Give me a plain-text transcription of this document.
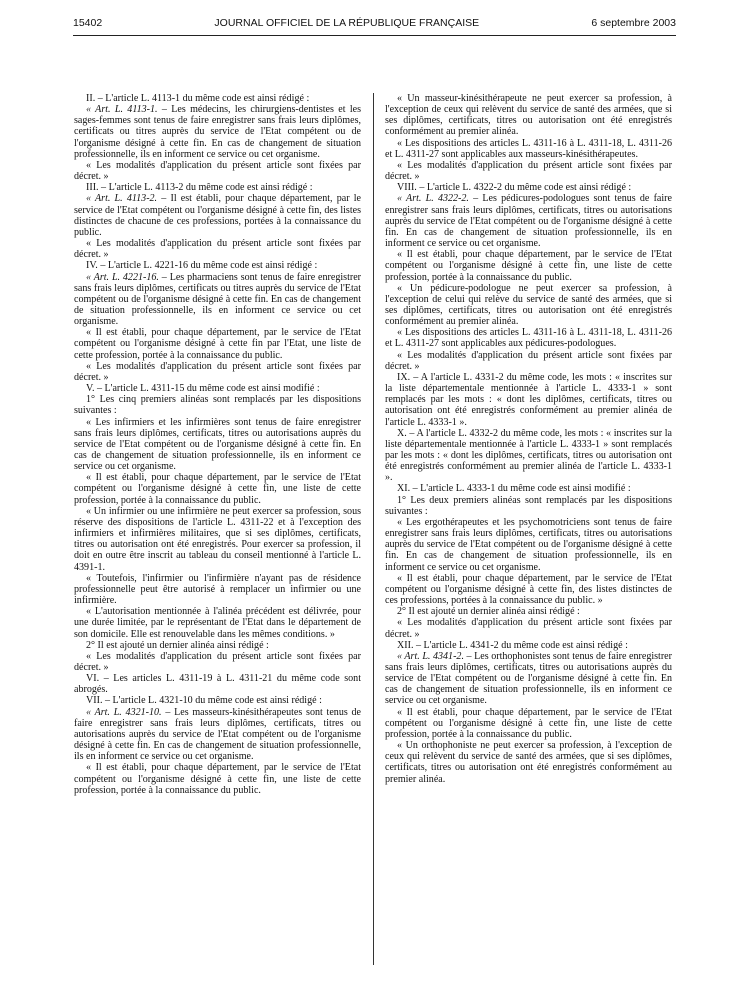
15402	JOURNAL OFFICIEL DE LA RÉPUBLIQUE FRANÇAISE	6 septembre 2003

II. – L'article L. 4113-1 du même code est ainsi rédigé :

« Art. L. 4113-1. – Les médecins, les chirurgiens-dentistes et les sages-femmes sont tenus de faire enregistrer sans frais leurs diplômes, certificats ou titres auprès du service de l'Etat compétent ou de l'organisme désigné à cette fin. En cas de changement de situation professionnelle, ils en informent ce service ou cet organisme.

« Les modalités d'application du présent article sont fixées par décret. »

III. – L'article L. 4113-2 du même code est ainsi rédigé :

« Art. L. 4113-2. – Il est établi, pour chaque département, par le service de l'Etat compétent ou l'organisme désigné à cette fin, des listes distinctes de chacune de ces professions, portées à la connaissance du public.

« Les modalités d'application du présent article sont fixées par décret. »

IV. – L'article L. 4221-16 du même code est ainsi rédigé :

« Art. L. 4221-16. – Les pharmaciens sont tenus de faire enregistrer sans frais leurs diplômes, certificats ou titres auprès du service de l'Etat compétent ou de l'organisme désigné à cette fin. En cas de changement de situation professionnelle, ils en informent ce service ou cet organisme.

« Il est établi, pour chaque département, par le service de l'Etat compétent ou l'organisme désigné à cette fin par l'Etat, une liste de cette profession, portée à la connaissance du public.

« Les modalités d'application du présent article sont fixées par décret. »

V. – L'article L. 4311-15 du même code est ainsi modifié :

1° Les cinq premiers alinéas sont remplacés par les dispositions suivantes :

« Les infirmiers et les infirmières sont tenus de faire enregistrer sans frais leurs diplômes, certificats, titres ou autorisations auprès du service de l'Etat compétent ou de l'organisme désigné à cette fin. En cas de changement de situation professionnelle, ils en informent ce service ou cet organisme.

« Il est établi, pour chaque département, par le service de l'Etat compétent ou l'organisme désigné à cette fin, une liste de cette profession, portée à la connaissance du public.

« Un infirmier ou une infirmière ne peut exercer sa profession, sous réserve des dispositions de l'article L. 4311-22 et à l'exception des infirmiers et infirmières militaires, que si ses diplômes, certificats, titres ou autorisation ont été enregistrés. Pour exercer sa profession, il doit en outre être inscrit au tableau du conseil mentionné à l'article L. 4391-1.

« Toutefois, l'infirmier ou l'infirmière n'ayant pas de résidence professionnelle peut être autorisé à remplacer un infirmier ou une infirmière.

« L'autorisation mentionnée à l'alinéa précédent est délivrée, pour une durée limitée, par le représentant de l'Etat dans le département de son domicile. Elle est renouvelable dans les mêmes conditions. »

2° Il est ajouté un dernier alinéa ainsi rédigé :

« Les modalités d'application du présent article sont fixées par décret. »

VI. – Les articles L. 4311-19 à L. 4311-21 du même code sont abrogés.

VII. – L'article L. 4321-10 du même code est ainsi rédigé :

« Art. L. 4321-10. – Les masseurs-kinésithérapeutes sont tenus de faire enregistrer sans frais leurs diplômes, certificats, titres ou autorisations auprès du service de l'Etat compétent ou de l'organisme désigné à cette fin. En cas de changement de situation professionnelle, ils en informent ce service ou cet organisme.

« Il est établi, pour chaque département, par le service de l'Etat compétent ou l'organisme désigné à cette fin, une liste de cette profession, portée à la connaissance du public.

« Un masseur-kinésithérapeute ne peut exercer sa profession, à l'exception de ceux qui relèvent du service de santé des armées, que si ses diplômes, certificats, titres ou autorisation ont été enregistrés conformément au premier alinéa.

« Les dispositions des articles L. 4311-16 à L. 4311-18, L. 4311-26 et L. 4311-27 sont applicables aux masseurs-kinésithérapeutes.

« Les modalités d'application du présent article sont fixées par décret. »

VIII. – L'article L. 4322-2 du même code est ainsi rédigé :

« Art. L. 4322-2. – Les pédicures-podologues sont tenus de faire enregistrer sans frais leurs diplômes, certificats, titres ou autorisations auprès du service de l'Etat compétent ou de l'organisme désigné à cette fin. En cas de changement de situation professionnelle, ils en informent ce service ou cet organisme.

« Il est établi, pour chaque département, par le service de l'Etat compétent ou l'organisme désigné à cette fin, une liste de cette profession, portée à la connaissance du public.

« Un pédicure-podologue ne peut exercer sa profession, à l'exception de celui qui relève du service de santé des armées, que si ses diplômes, certificats, titres ou autorisation ont été enregistrés conformément au premier alinéa.

« Les dispositions des articles L. 4311-16 à L. 4311-18, L. 4311-26 et L. 4311-27 sont applicables aux pédicures-podologues.

« Les modalités d'application du présent article sont fixées par décret. »

IX. – A l'article L. 4331-2 du même code, les mots : « inscrites sur la liste départementale mentionnée à l'article L. 4333-1 » sont remplacés par les mots : « dont les diplômes, certificats, titres ou autorisation ont été enregistrés conformément au premier alinéa de l'article L. 4333-1 ».

X. – A l'article L. 4332-2 du même code, les mots : « inscrites sur la liste départementale mentionnée à l'article L. 4333-1 » sont remplacés par les mots : « dont les diplômes, certificats, titres ou autorisation ont été enregistrés conformément au premier alinéa de l'article L. 4333-1 ».

XI. – L'article L. 4333-1 du même code est ainsi modifié :

1° Les deux premiers alinéas sont remplacés par les dispositions suivantes :

« Les ergothérapeutes et les psychomotriciens sont tenus de faire enregistrer sans frais leurs diplômes, certificats, titres ou autorisations auprès du service de l'Etat compétent ou de l'organisme désigné à cette fin. En cas de changement de situation professionnelle, ils en informent ce service ou cet organisme.

« Il est établi, pour chaque département, par le service de l'Etat compétent ou l'organisme désigné à cette fin, des listes distinctes de ces professions, portées à la connaissance du public. »

2° Il est ajouté un dernier alinéa ainsi rédigé :

« Les modalités d'application du présent article sont fixées par décret. »

XII. – L'article L. 4341-2 du même code est ainsi rédigé :

« Art. L. 4341-2. – Les orthophonistes sont tenus de faire enregistrer sans frais leurs diplômes, certificats, titres ou autorisations auprès du service de l'Etat compétent ou de l'organisme désigné à cette fin. En cas de changement de situation professionnelle, ils en informent ce service ou cet organisme.

« Il est établi, pour chaque département, par le service de l'Etat compétent ou l'organisme désigné à cette fin, une liste de cette profession, portée à la connaissance du public.

« Un orthophoniste ne peut exercer sa profession, à l'exception de ceux qui relèvent du service de santé des armées, que si ses diplômes, certificats, titres ou autorisation ont été enregistrés conformément au premier alinéa.
